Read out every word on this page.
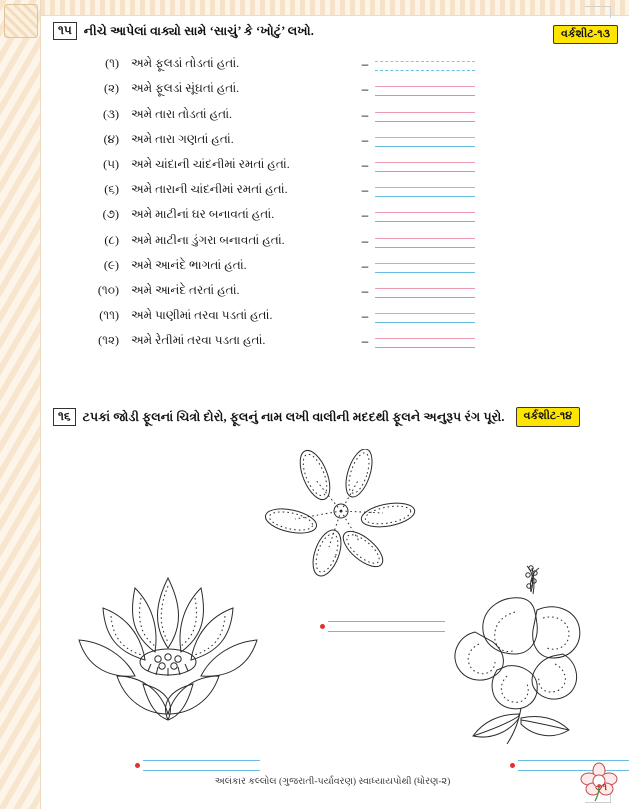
૧૫ નીચે આપેલાં વાક્યો સામે ‘સાચું’ કે ‘ખોટું’ લખો.	વર્કશીટ-૧૩
(૧)	અમે ફૂલડાં તોડતાં હતાં.	–
(૨)	અમે ફૂલડાં સૂંઘતાં હતાં.	–
(૩)	અમે તારા તોડતાં હતાં.	–
(૪)	અમે તારા ગણતાં હતાં.	–
(૫)	અમે ચાંદાની ચાંદનીમાં રમતાં હતાં.	–
(૬)	અમે તારાની ચાંદનીમાં રમતાં હતાં.	–
(૭)	અમે માટીનાં ઘર બનાવતાં હતાં.	–
(૮)	અમે માટીના ડુંગરા બનાવતાં હતાં.	–
(૯)	અમે આનંદે ભાગતાં હતાં.	–
(૧૦)	અમે આનંદે તરતાં હતાં.	–
(૧૧)	અમે પાણીમાં તરવા પડતાં હતાં.	–
(૧૨)	અમે રેતીમાં તરવા પડતા હતાં.	–
૧૬ ટપકાં જોડી ફૂલનાં ચિત્રો દોરો, ફૂલનું નામ લખી વાલીની મદદથી ફૂલને અનુરૂપ રંગ પૂરો.	વર્કશીટ-૧૪
અલંકાર કલ્લોલ (ગુજરાતી-પર્યાવરણ) સ્વાધ્યાયપોથી (ધોરણ-૨)	૭૧
